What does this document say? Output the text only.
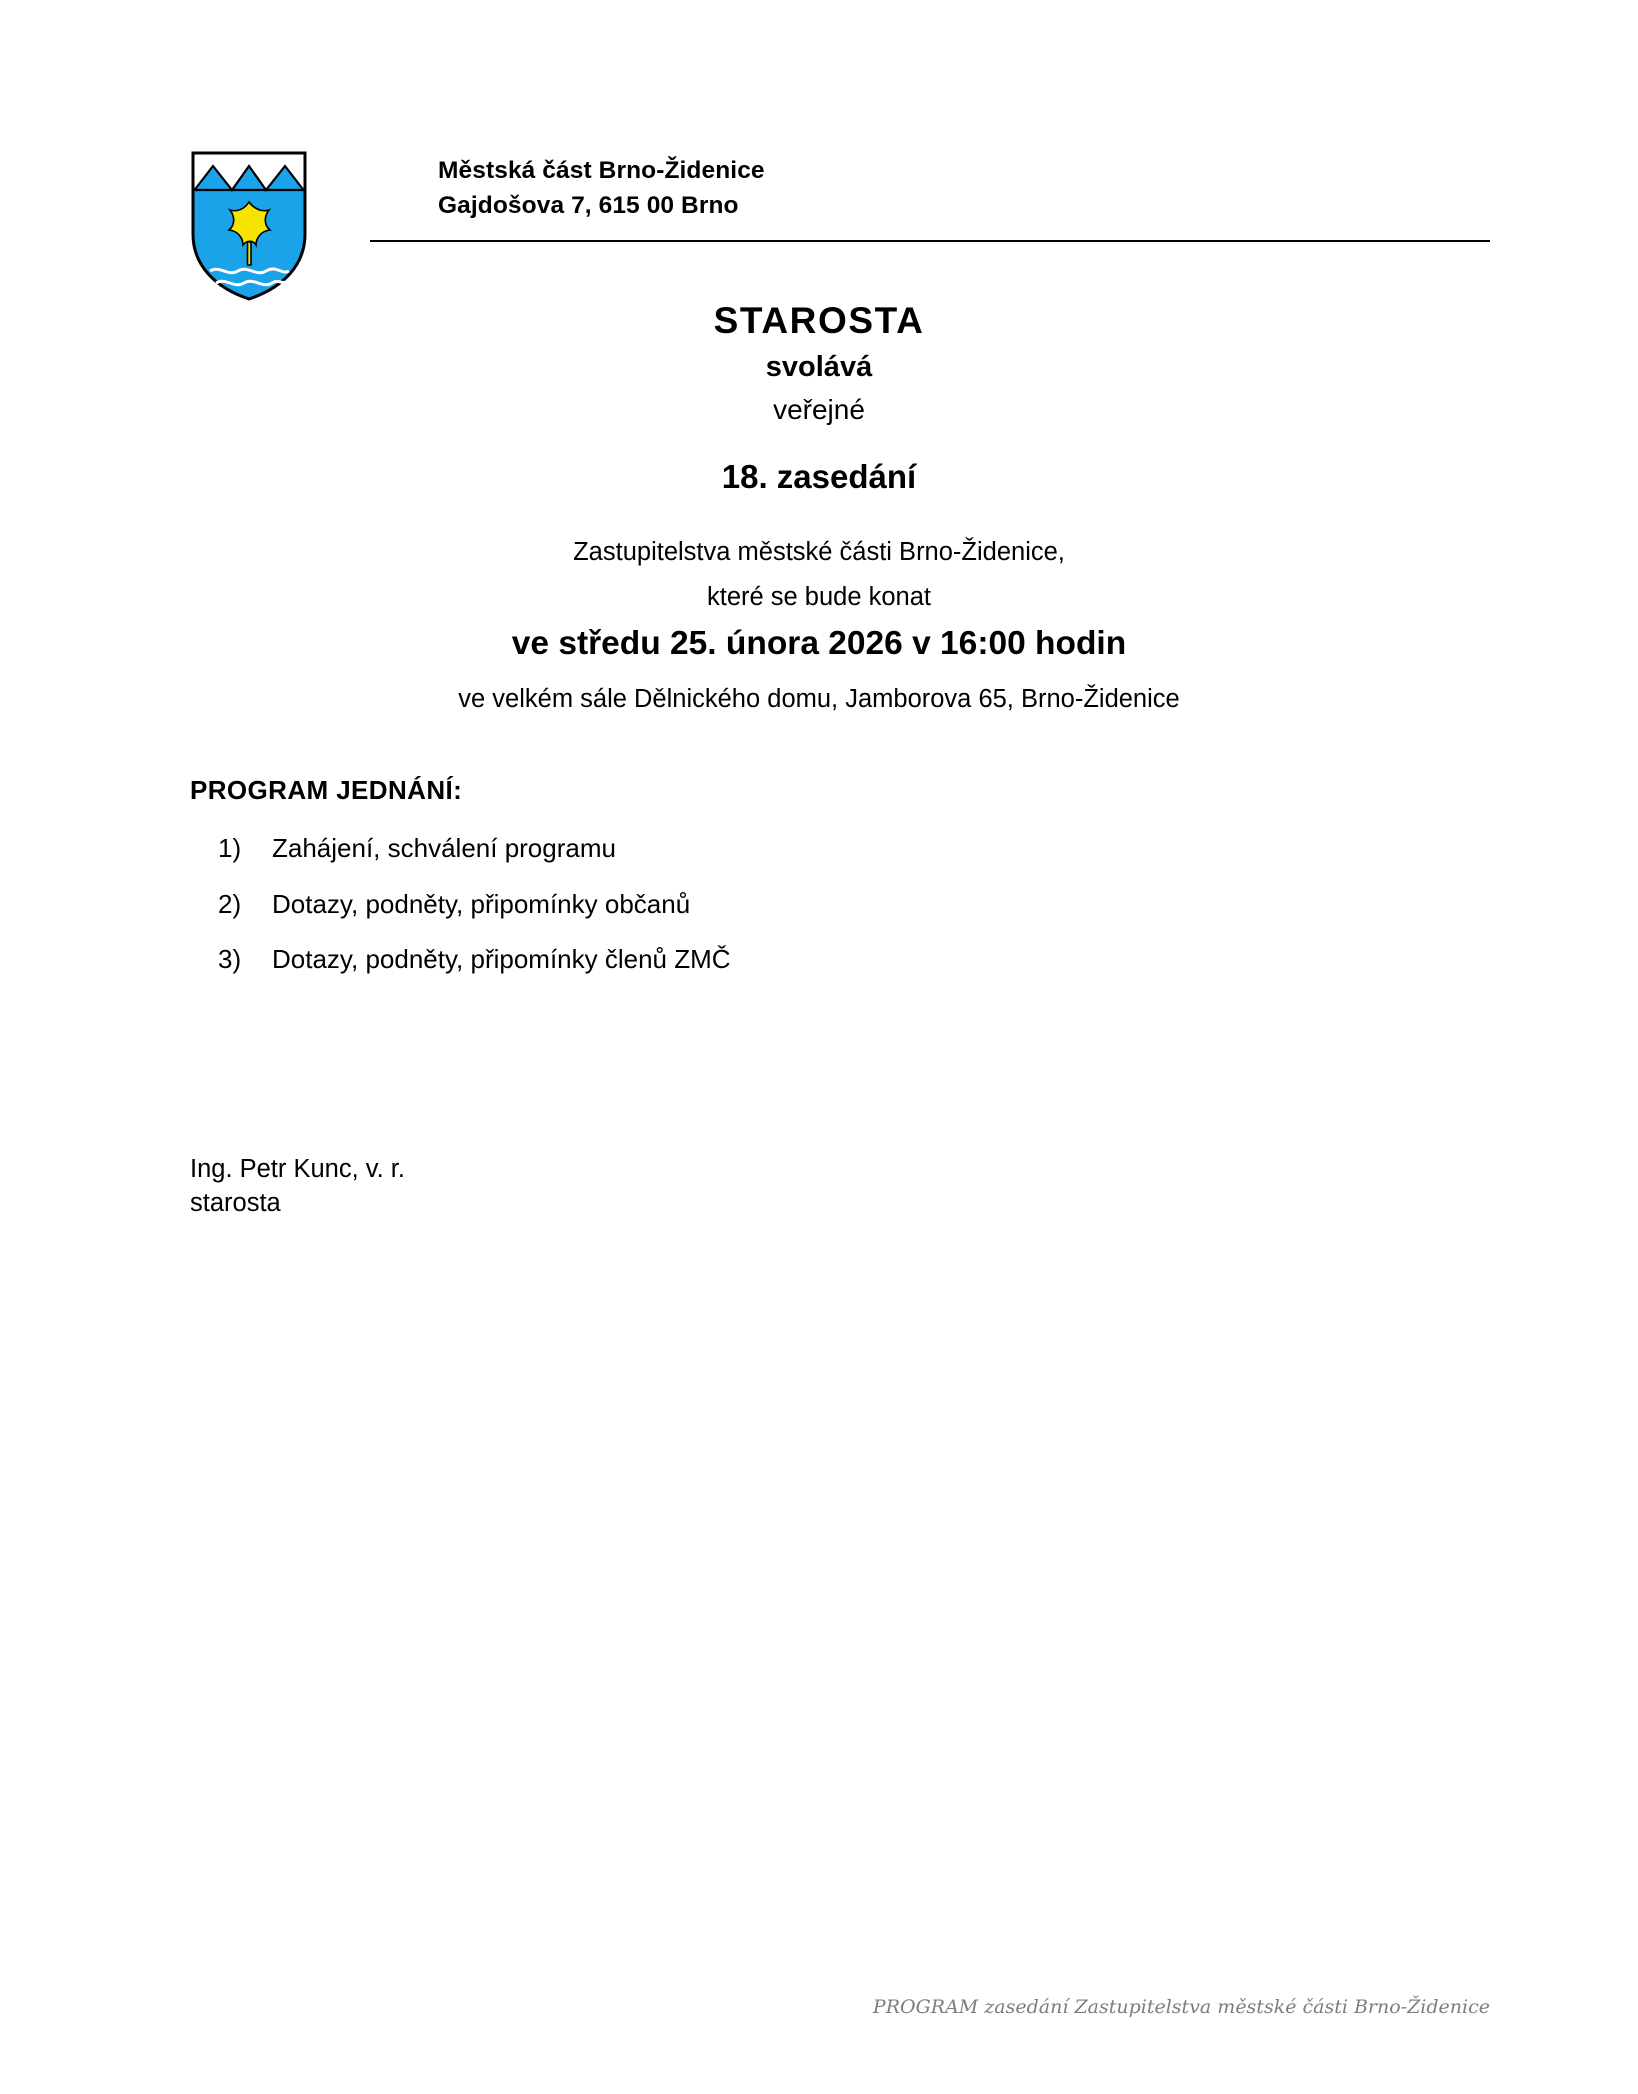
Městská část Brno-Židenice
Gajdošova 7, 615 00 Brno
STAROSTA
svolává
veřejné
18. zasedání
Zastupitelstva městské části Brno-Židenice,
které se bude konat
ve středu 25. února 2026 v 16:00 hodin
ve velkém sále Dělnického domu, Jamborova 65, Brno-Židenice
PROGRAM JEDNÁNÍ:
1)	Zahájení, schválení programu
2)	Dotazy, podněty, připomínky občanů
3)	Dotazy, podněty, připomínky členů ZMČ
Ing. Petr Kunc, v. r.
starosta
PROGRAM zasedání Zastupitelstva městské části Brno-Židenice
